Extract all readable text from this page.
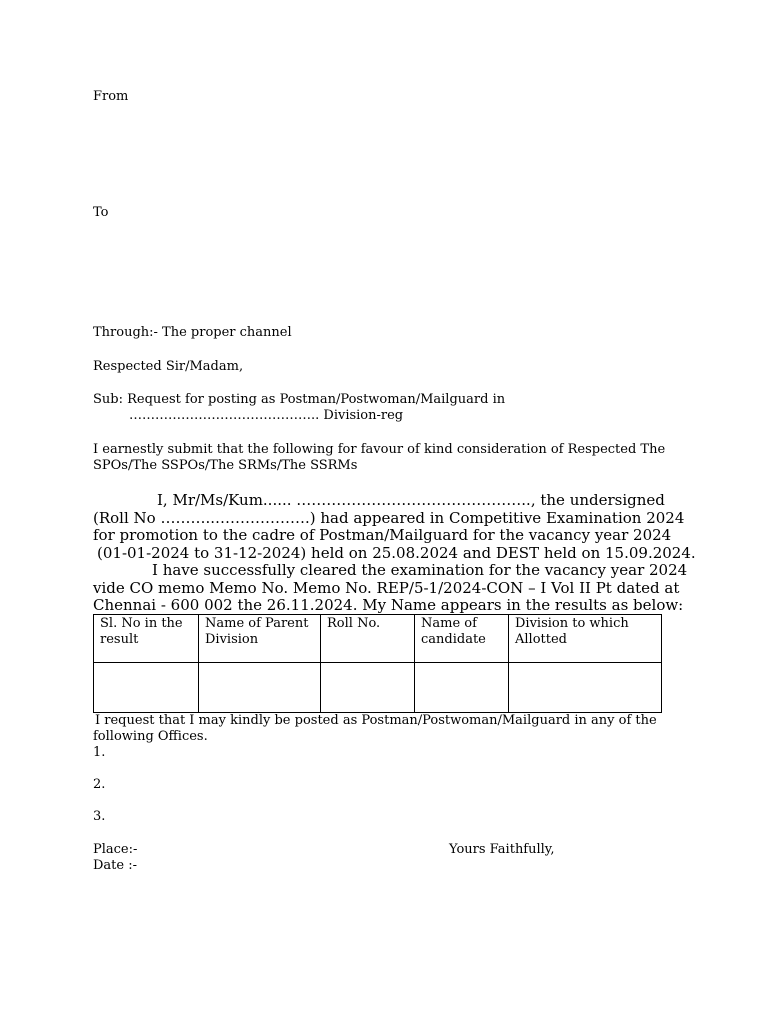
From
To
Through:- The proper channel
Respected Sir/Madam,
Sub: Request for posting as Postman/Postwoman/Mailguard in
…………………………………….. Division-reg
I earnestly submit that the following for favour of kind consideration of Respected The
SPOs/The SSPOs/The SRMs/The SSRMs
I, Mr/Ms/Kum...... ……………………………………….., the undersigned
(Roll No ………..……………….) had appeared in Competitive Examination 2024
for promotion to the cadre of Postman/Mailguard for the vacancy year 2024
(01-01-2024 to 31-12-2024) held on 25.08.2024 and DEST held on 15.09.2024.
I have successfully cleared the examination for the vacancy year 2024
vide CO memo Memo No. Memo No. REP/5-1/2024-CON – I Vol II Pt dated at
Chennai - 600 002 the 26.11.2024. My Name appears in the results as below:
Sl. No in the result	Name of Parent Division	Roll No.	Name of candidate	Division to which Allotted

I request that I may kindly be posted as Postman/Postwoman/Mailguard in any of the
following Offices.
1.
2.
3.
Place:-	Yours Faithfully,
Date :-
